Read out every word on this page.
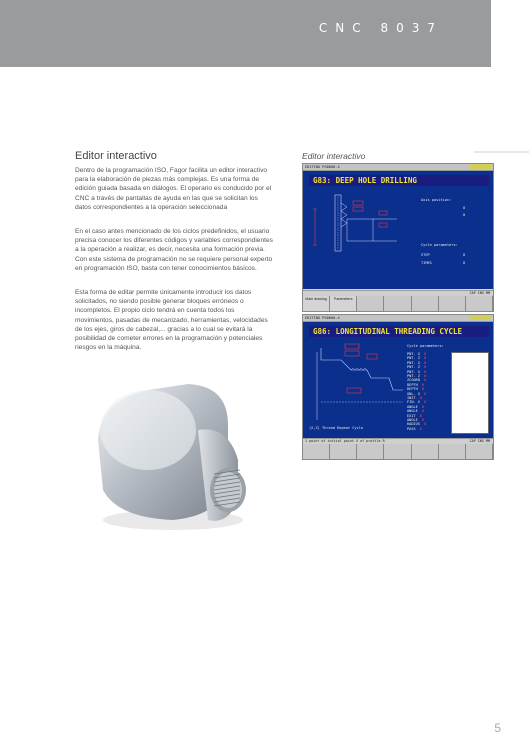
CNC 8037
Editor interactivo

Dentro de la programación ISO, Fagor facilita un editor interactivo para la elaboración de piezas más complejas. Es una forma de edición guiada basada en diálogos. El operario es conducido por el CNC a través de pantallas de ayuda en las que se solicitan los datos correspondientes a la operación seleccionada

En el caso antes mencionado de los ciclos predefinidos, el usuario precisa conocer los diferentes códigos y variables correspondientes a la operación a realizar, es decir, necesita una formación previa. Con este sistema de programación no se requiere personal experto en programación ISO, basta con tener conocimientos básicos.

Esta forma de editar permite únicamente introducir los datos solicitados, no siendo posible generar bloques erróneos o incompletos. El propio ciclo tendrá en cuenta todos los movimientos, pasadas de mecanizado, herramientas, velocidades de los ejes, giros de cabezal,... gracias a lo cual se evitará la posibilidad de cometer errores en la programación y potenciales riesgos en la máquina.

Editor interactivo
EDITING PG0000-4
G83: DEEP HOLE DRILLING
Axis position:
0
0
Cycle parameters:
STEP	0
TIMES	0
CAP INS MM
Main drawing	Parameters
EDITING PG0000-4
G86: LONGITUDINAL THREADING CYCLE
(X,Z) Thread Repeat Cycle
Cycle parameters:
PNT. X 0
PNT. Z 0
PNT. X 0
PNT. Z 0
PNT. X 0
PNT. Z 0
ZCOORD 0
DEPTH 0
DEPTH 0
SNL. X 0
INIT 0
FIN. X 0
ANGLE 0
ANGLE 0
EXIT 0
ANGLE 0
RADIUS 0
PASS 0
1 point of initial point X of profile R	CAP INS MM
5
